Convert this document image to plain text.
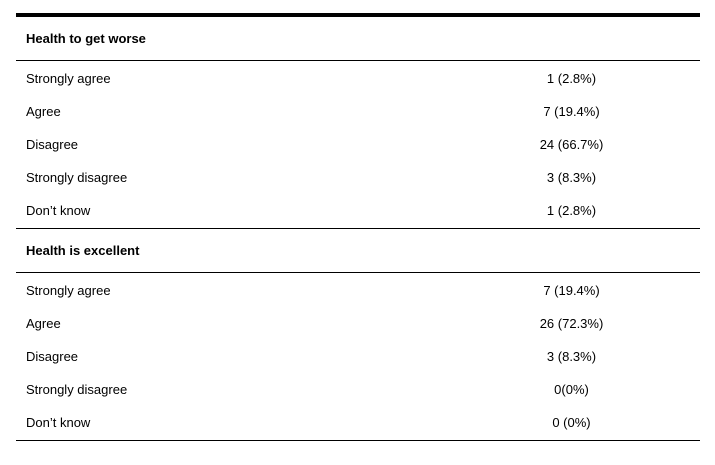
Health to get worse
Strongly agree	1 (2.8%)
Agree	7 (19.4%)
Disagree	24 (66.7%)
Strongly disagree	3 (8.3%)
Don’t know	1 (2.8%)
Health is excellent
Strongly agree	7 (19.4%)
Agree	26 (72.3%)
Disagree	3 (8.3%)
Strongly disagree	0(0%)
Don’t know	0 (0%)
